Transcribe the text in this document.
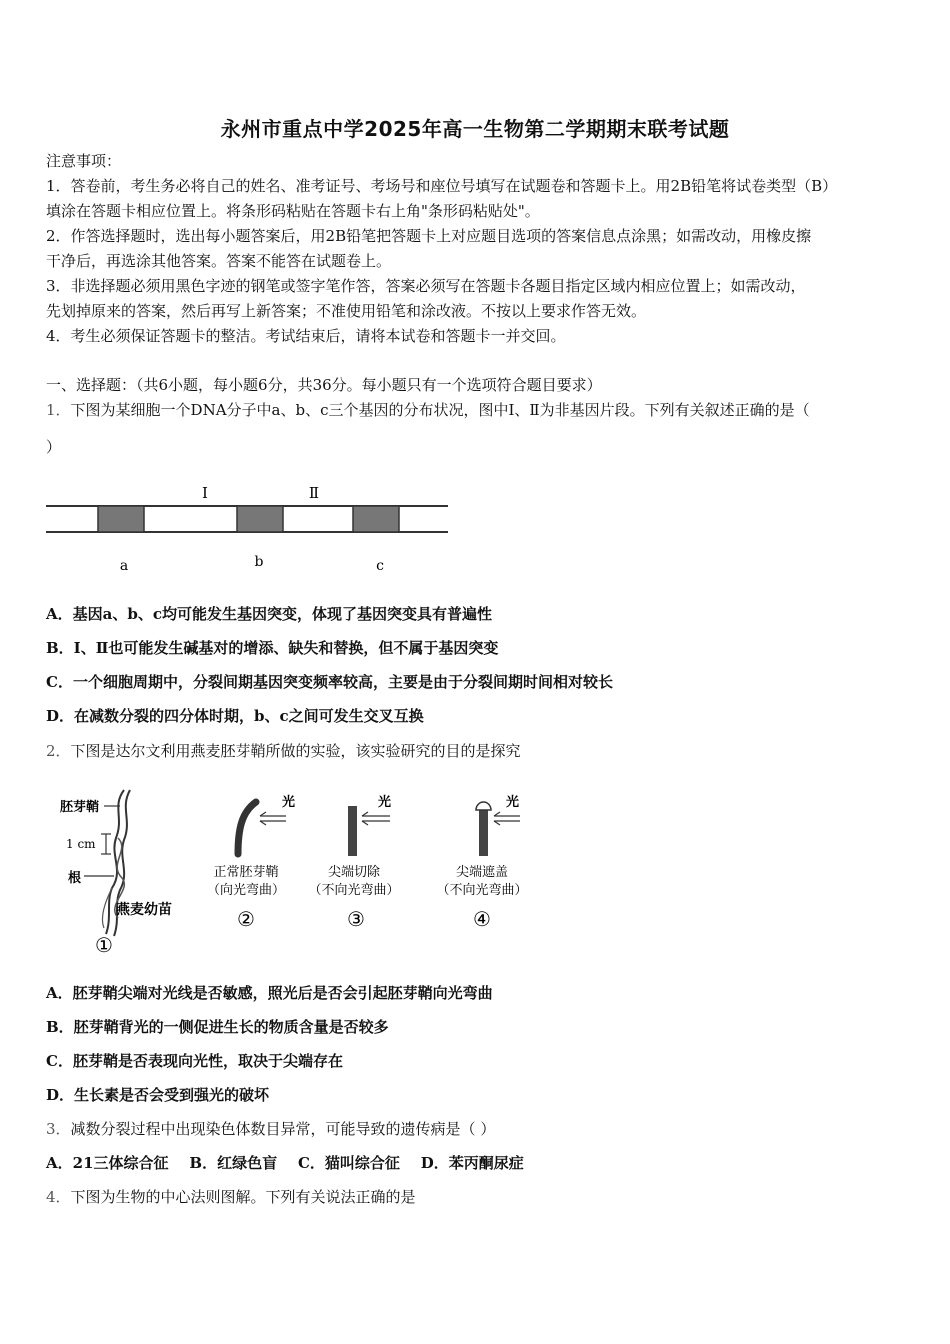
永州市重点中学2025年高一生物第二学期期末联考试题
注意事项：
1．答卷前，考生务必将自己的姓名、准考证号、考场号和座位号填写在试题卷和答题卡上。用2B铅笔将试卷类型（B）
填涂在答题卡相应位置上。将条形码粘贴在答题卡右上角"条形码粘贴处"。
2．作答选择题时，选出每小题答案后，用2B铅笔把答题卡上对应题目选项的答案信息点涂黑；如需改动，用橡皮擦
干净后，再选涂其他答案。答案不能答在试题卷上。
3．非选择题必须用黑色字迹的钢笔或签字笔作答，答案必须写在答题卡各题目指定区域内相应位置上；如需改动，
先划掉原来的答案，然后再写上新答案；不准使用铅笔和涂改液。不按以上要求作答无效。
4．考生必须保证答题卡的整洁。考试结束后，请将本试卷和答题卡一并交回。
一、选择题：（共6小题，每小题6分，共36分。每小题只有一个选项符合题目要求）
1．下图为某细胞一个DNA分子中a、b、c三个基因的分布状况，图中Ⅰ、Ⅱ为非基因片段。下列有关叙述正确的是（
）
Ⅰ	Ⅱ
a	b	c
A．基因a、b、c均可能发生基因突变，体现了基因突变具有普遍性
B．Ⅰ、Ⅱ也可能发生碱基对的增添、缺失和替换，但不属于基因突变
C．一个细胞周期中，分裂间期基因突变频率较高，主要是由于分裂间期时间相对较长
D．在减数分裂的四分体时期，b、c之间可发生交叉互换
2．下图是达尔文利用燕麦胚芽鞘所做的实验，该实验研究的目的是探究
胚芽鞘
1 cm
根
燕麦幼苗
①
光
正常胚芽鞘
（向光弯曲）
②
光
尖端切除
（不向光弯曲）
③
光
尖端遮盖
（不向光弯曲）
④
A．胚芽鞘尖端对光线是否敏感，照光后是否会引起胚芽鞘向光弯曲
B．胚芽鞘背光的一侧促进生长的物质含量是否较多
C．胚芽鞘是否表现向光性，取决于尖端存在
D．生长素是否会受到强光的破坏
3．减数分裂过程中出现染色体数目异常，可能导致的遗传病是（ ）
A．21三体综合征    B．红绿色盲    C．猫叫综合征    D．苯丙酮尿症
4．下图为生物的中心法则图解。下列有关说法正确的是
